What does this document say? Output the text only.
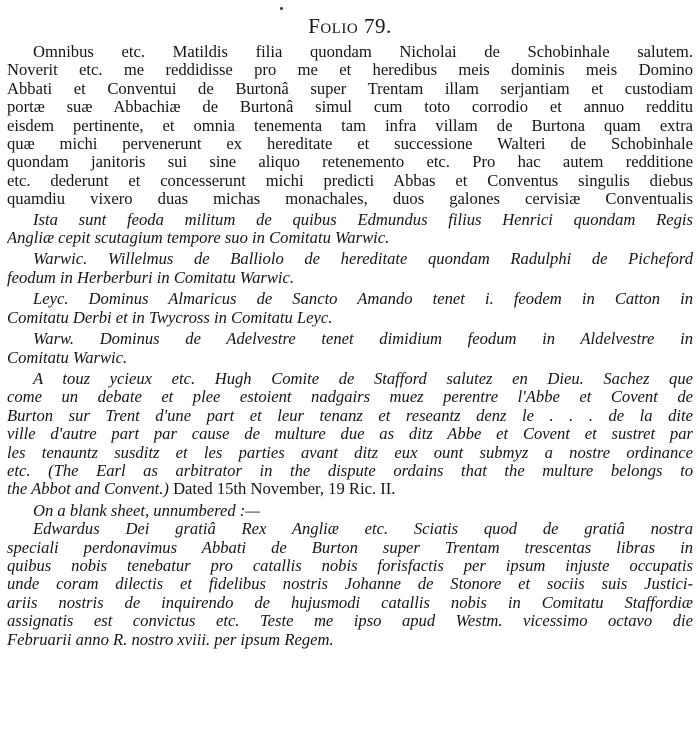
Folio 79.
Omnibus etc. Matildis filia quondam Nicholai de Schobinhale salutem.
Noverit etc. me reddidisse pro me et heredibus meis dominis meis Domino
Abbati et Conventui de Burtonâ super Trentam illam serjantiam et custodiam
portæ suæ Abbachiæ de Burtonâ simul cum toto corrodio et annuo redditu
eisdem pertinente, et omnia tenementa tam infra villam de Burtona quam extra
quæ michi pervenerunt ex hereditate et successione Walteri de Schobinhale
quondam janitoris sui sine aliquo retenemento etc. Pro hac autem redditione
etc. dederunt et concesserunt michi predicti Abbas et Conventus singulis diebus
quamdiu vixero duas michas monachales, duos galones cervisiæ Conventualis
Ista sunt feoda militum de quibus Edmundus filius Henrici quondam Regis
Angliæ cepit scutagium tempore suo in Comitatu Warwic.
Warwic. Willelmus de Balliolo de hereditate quondam Radulphi de Picheford
feodum in Herberburi in Comitatu Warwic.
Leyc. Dominus Almaricus de Sancto Amando tenet i. feodem in Catton in
Comitatu Derbi et in Twycross in Comitatu Leyc.
Warw. Dominus de Adelvestre tenet dimidium feodum in Aldelvestre in
Comitatu Warwic.
A touz ycieux etc. Hugh Comite de Stafford salutez en Dieu. Sachez que
come un debate et plee estoient nadgairs muez perentre l'Abbe et Covent de
Burton sur Trent d'une part et leur tenanz et reseantz denz le . . . de la dite
ville d'autre part par cause de multure due as ditz Abbe et Covent et sustret par
les tenauntz susditz et les parties avant ditz eux ount submyz a nostre ordinance
etc. (The Earl as arbitrator in the dispute ordains that the multure belongs to
the Abbot and Convent.) Dated 15th November, 19 Ric. II.
On a blank sheet, unnumbered :—
Edwardus Dei gratiâ Rex Angliæ etc. Sciatis quod de gratiâ nostra
speciali perdonavimus Abbati de Burton super Trentam trescentas libras in
quibus nobis tenebatur pro catallis nobis forisfactis per ipsum injuste occupatis
unde coram dilectis et fidelibus nostris Johanne de Stonore et sociis suis Justici-
ariis nostris de inquirendo de hujusmodi catallis nobis in Comitatu Staffordiæ
assignatis est convictus etc. Teste me ipso apud Westm. vicessimo octavo die
Februarii anno R. nostro xviii. per ipsum Regem.
